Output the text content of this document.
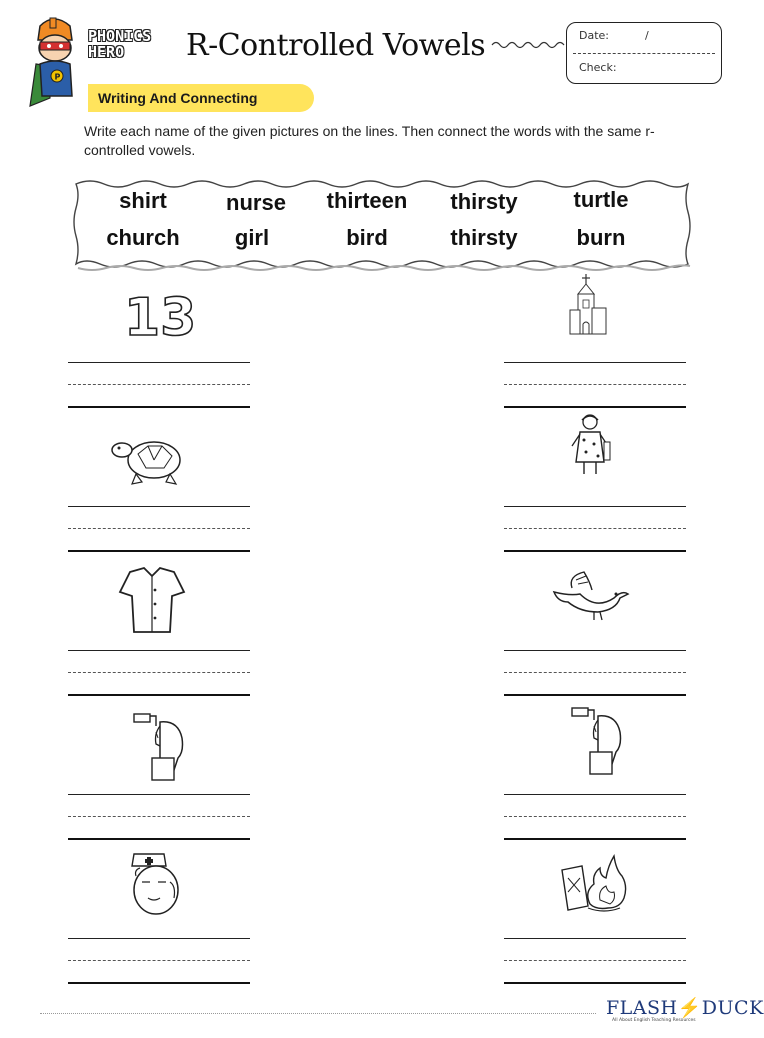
P
PHONICS
HERO	R-Controlled Vowels	Date:	/
Check:
Writing And Connecting
Write each name of the given pictures on the lines. Then connect the words with the same r-controlled vowels.
shirt	nurse	thirteen	thirsty	turtle
church	girl	bird	thirsty	burn
13
FLASH⚡DUCK
All About English Teaching Resources
